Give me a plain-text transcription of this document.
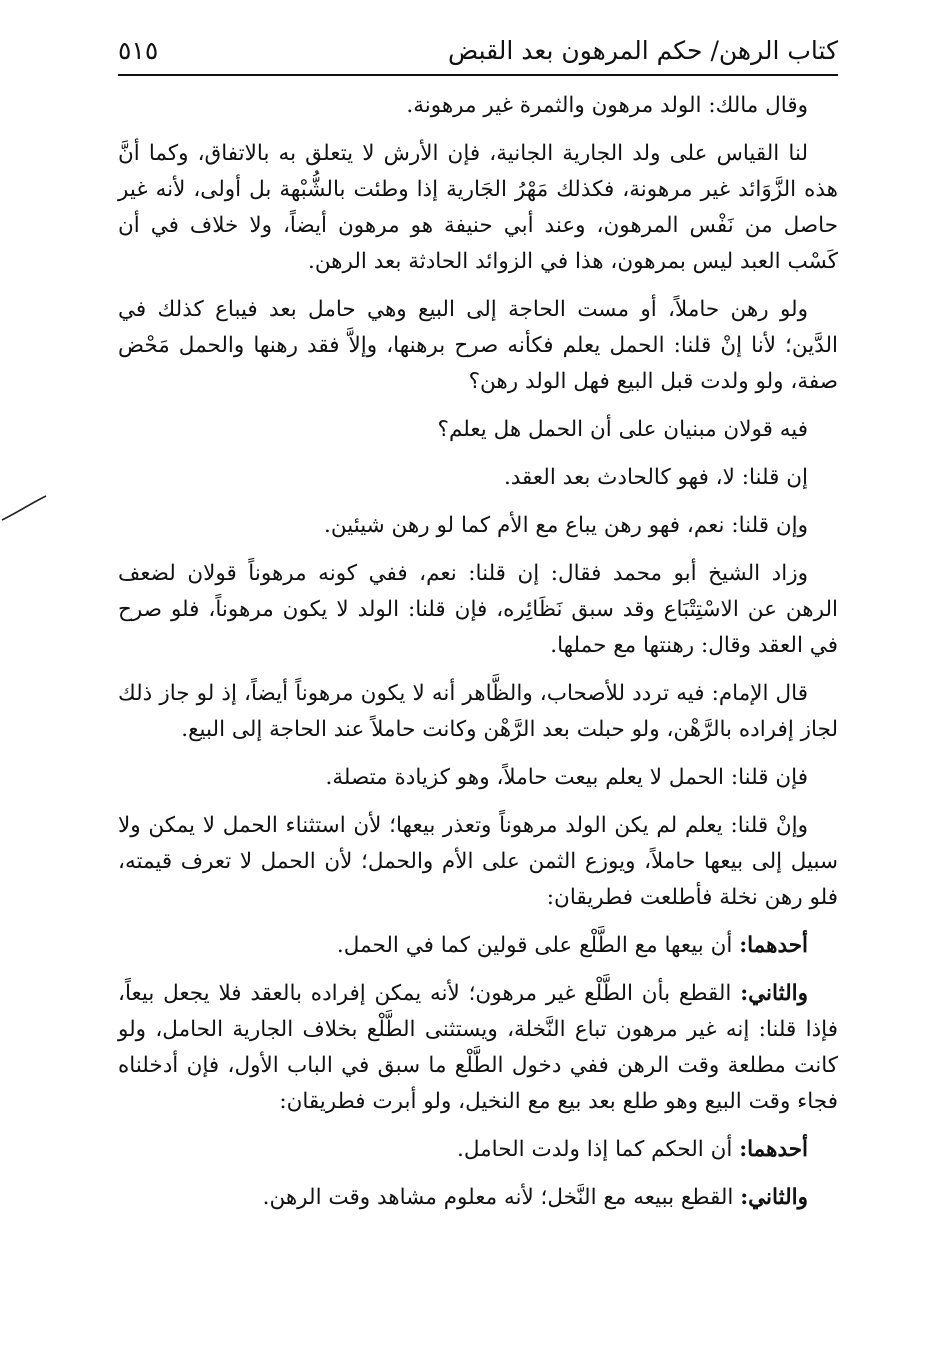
كتاب الرهن/ حكم المرهون بعد القبض
٥١٥

وقال مالك: الولد مرهون والثمرة غير مرهونة.

لنا القياس على ولد الجارية الجانية، فإن الأرش لا يتعلق به بالاتفاق، وكما أنَّ هذه الزَّوَائد غير مرهونة، فكذلك مَهْرُ الجَارية إذا وطئت بالشُّبْهة بل أولى، لأنه غير حاصل من نَفْس المرهون، وعند أبي حنيفة هو مرهون أيضاً، ولا خلاف في أن كَسْب العبد ليس بمرهون، هذا في الزوائد الحادثة بعد الرهن.

ولو رهن حاملاً، أو مست الحاجة إلى البيع وهي حامل بعد فيباع كذلك في الدَّين؛ لأنا إنْ قلنا: الحمل يعلم فكأنه صرح برهنها، وإلاَّ فقد رهنها والحمل مَحْض صفة، ولو ولدت قبل البيع فهل الولد رهن؟

فيه قولان مبنيان على أن الحمل هل يعلم؟

إن قلنا: لا، فهو كالحادث بعد العقد.

وإن قلنا: نعم، فهو رهن يباع مع الأم كما لو رهن شيئين.

وزاد الشيخ أبو محمد فقال: إن قلنا: نعم، ففي كونه مرهوناً قولان لضعف الرهن عن الاسْتِتْبَاع وقد سبق نَظَائِره، فإن قلنا: الولد لا يكون مرهوناً، فلو صرح في العقد وقال: رهنتها مع حملها.

قال الإمام: فيه تردد للأصحاب، والظَّاهر أنه لا يكون مرهوناً أيضاً، إذ لو جاز ذلك لجاز إفراده بالرَّهْن، ولو حبلت بعد الرَّهْن وكانت حاملاً عند الحاجة إلى البيع.

فإن قلنا: الحمل لا يعلم بيعت حاملاً، وهو كزيادة متصلة.

وإنْ قلنا: يعلم لم يكن الولد مرهوناً وتعذر بيعها؛ لأن استثناء الحمل لا يمكن ولا سبيل إلى بيعها حاملاً، ويوزع الثمن على الأم والحمل؛ لأن الحمل لا تعرف قيمته، فلو رهن نخلة فأطلعت فطريقان:

أحدهما: أن بيعها مع الطَّلْع على قولين كما في الحمل.

والثاني: القطع بأن الطَّلْع غير مرهون؛ لأنه يمكن إفراده بالعقد فلا يجعل بيعاً، فإذا قلنا: إنه غير مرهون تباع النَّخلة، ويستثنى الطَّلْع بخلاف الجارية الحامل، ولو كانت مطلعة وقت الرهن ففي دخول الطَّلْع ما سبق في الباب الأول، فإن أدخلناه فجاء وقت البيع وهو طلع بعد بيع مع النخيل، ولو أبرت فطريقان:

أحدهما: أن الحكم كما إذا ولدت الحامل.

والثاني: القطع ببيعه مع النَّخل؛ لأنه معلوم مشاهد وقت الرهن.
